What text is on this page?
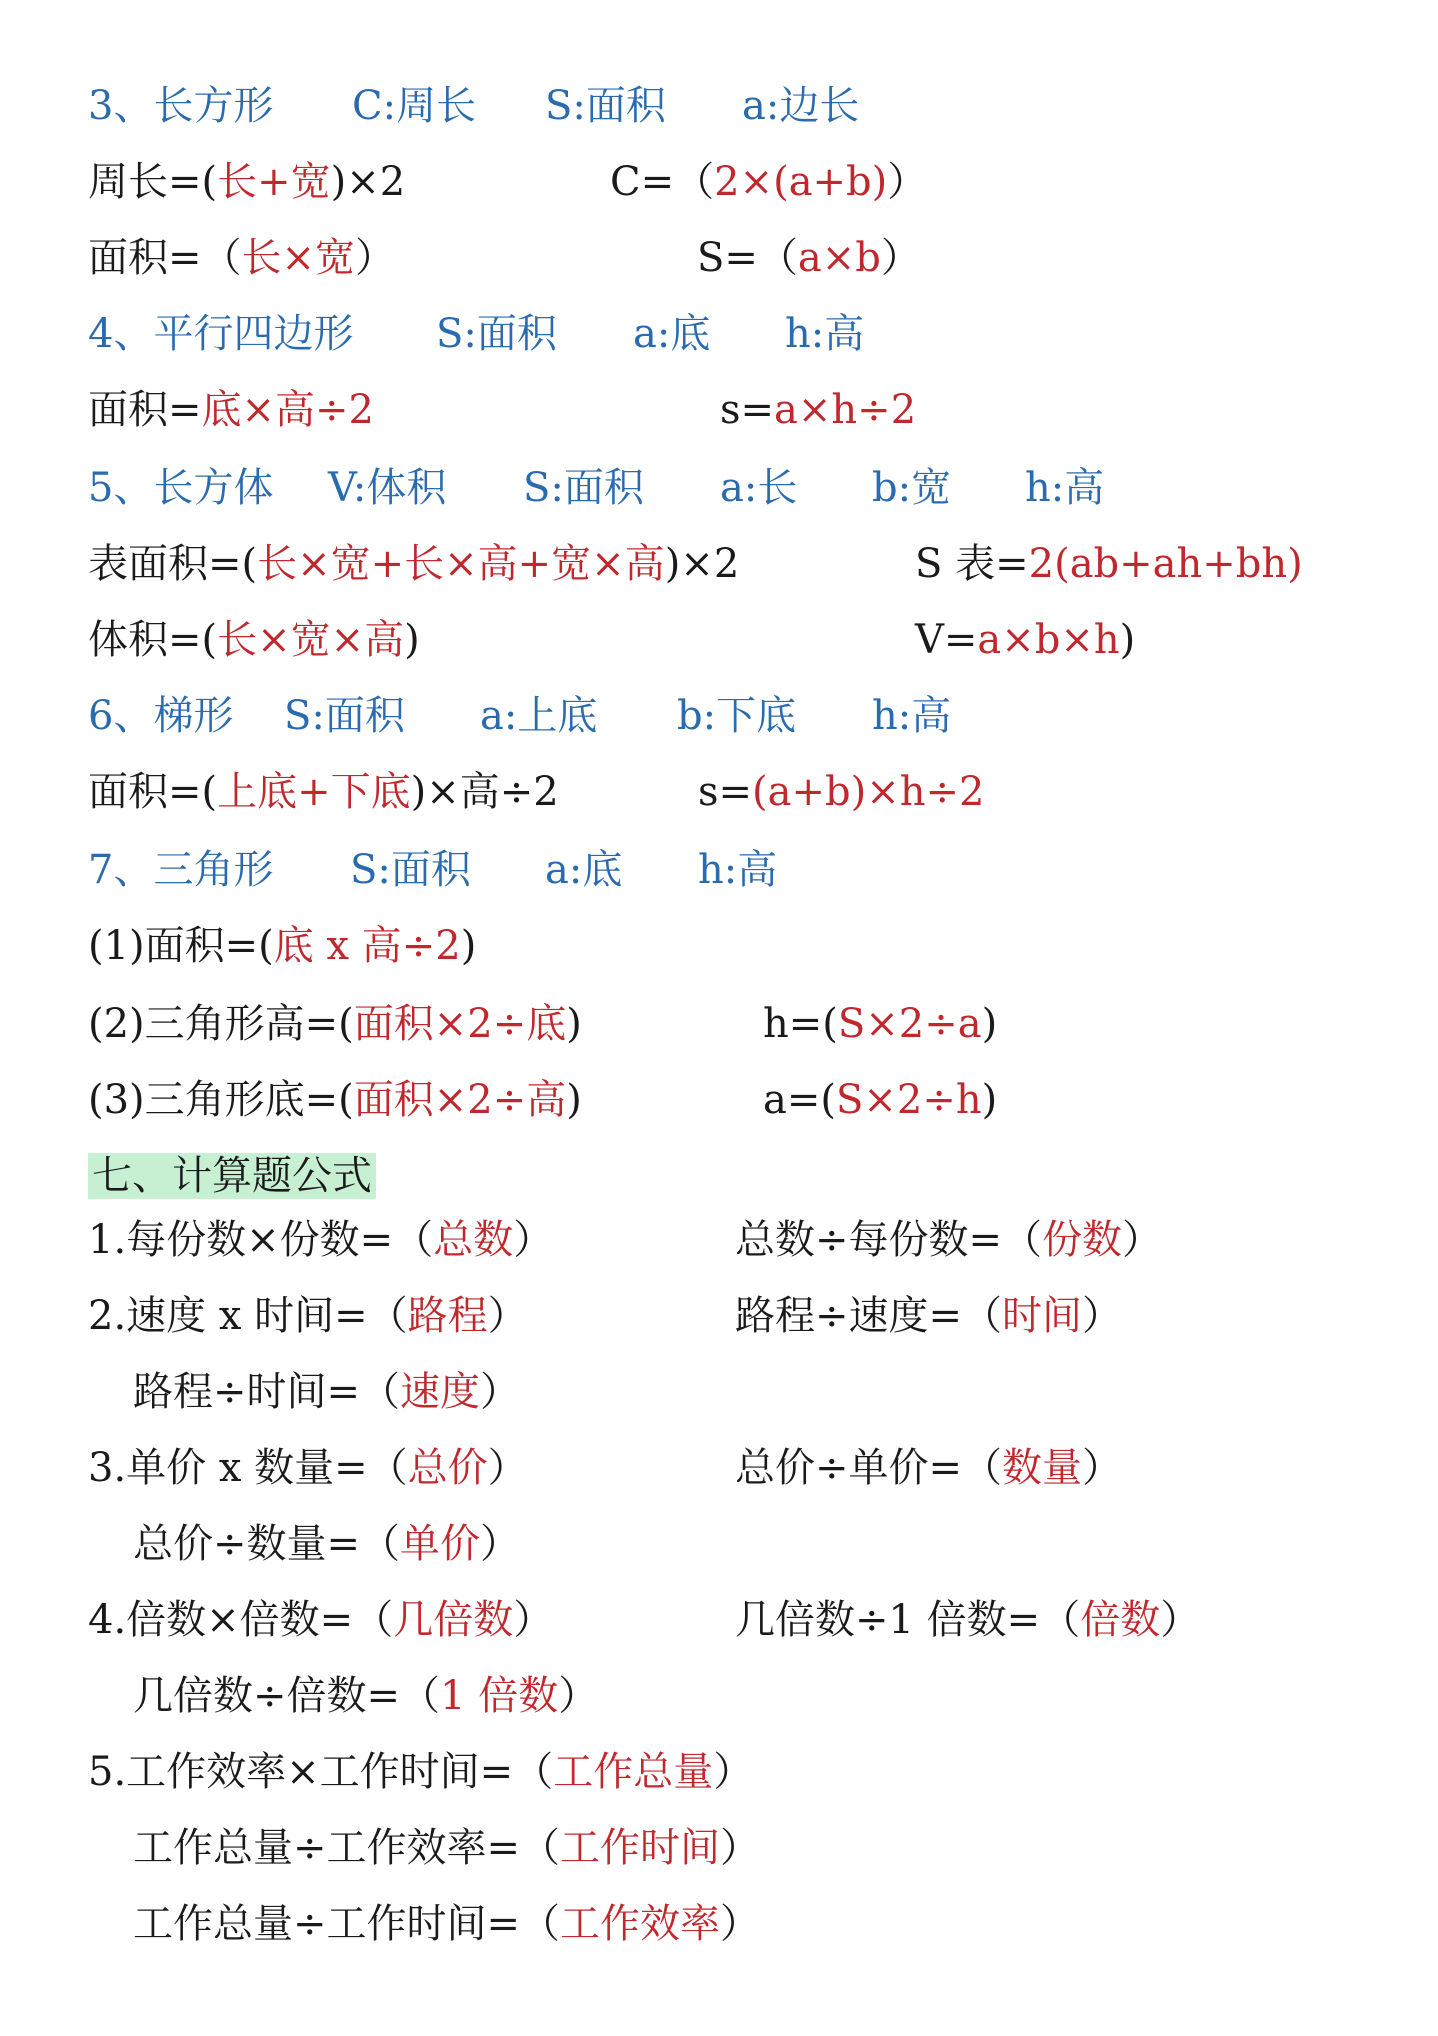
3、长方形 C:周长 S:面积 a:边长
周长=(长+宽)×2	C=（2×(a+b)）
面积=（长×宽）	S=（a×b）
4、平行四边形 S:面积 a:底 h:高
面积=底×高÷2	s=a×h÷2
5、长方体 V:体积 S:面积 a:长 b:宽 h:高
表面积=(长×宽+长×高+宽×高)×2	S 表=2(ab+ah+bh)
体积=(长×宽×高)	V=a×b×h)
6、梯形 S:面积 a:上底 b:下底 h:高
面积=(上底+下底)×高÷2	s=(a+b)×h÷2
7、三角形 S:面积 a:底 h:高
(1)面积=(底 x 高÷2)
(2)三角形高=(面积×2÷底)	h=(S×2÷a)
(3)三角形底=(面积×2÷高)	a=(S×2÷h)
七、计算题公式
1.每份数×份数=（总数）	总数÷每份数=（份数）
2.速度 x 时间=（路程）	路程÷速度=（时间）
路程÷时间=（速度）
3.单价 x 数量=（总价）	总价÷单价=（数量）
总价÷数量=（单价）
4.倍数×倍数=（几倍数）	几倍数÷1 倍数=（倍数）
几倍数÷倍数=（1 倍数）
5.工作效率×工作时间=（工作总量）
工作总量÷工作效率=（工作时间）
工作总量÷工作时间=（工作效率）
